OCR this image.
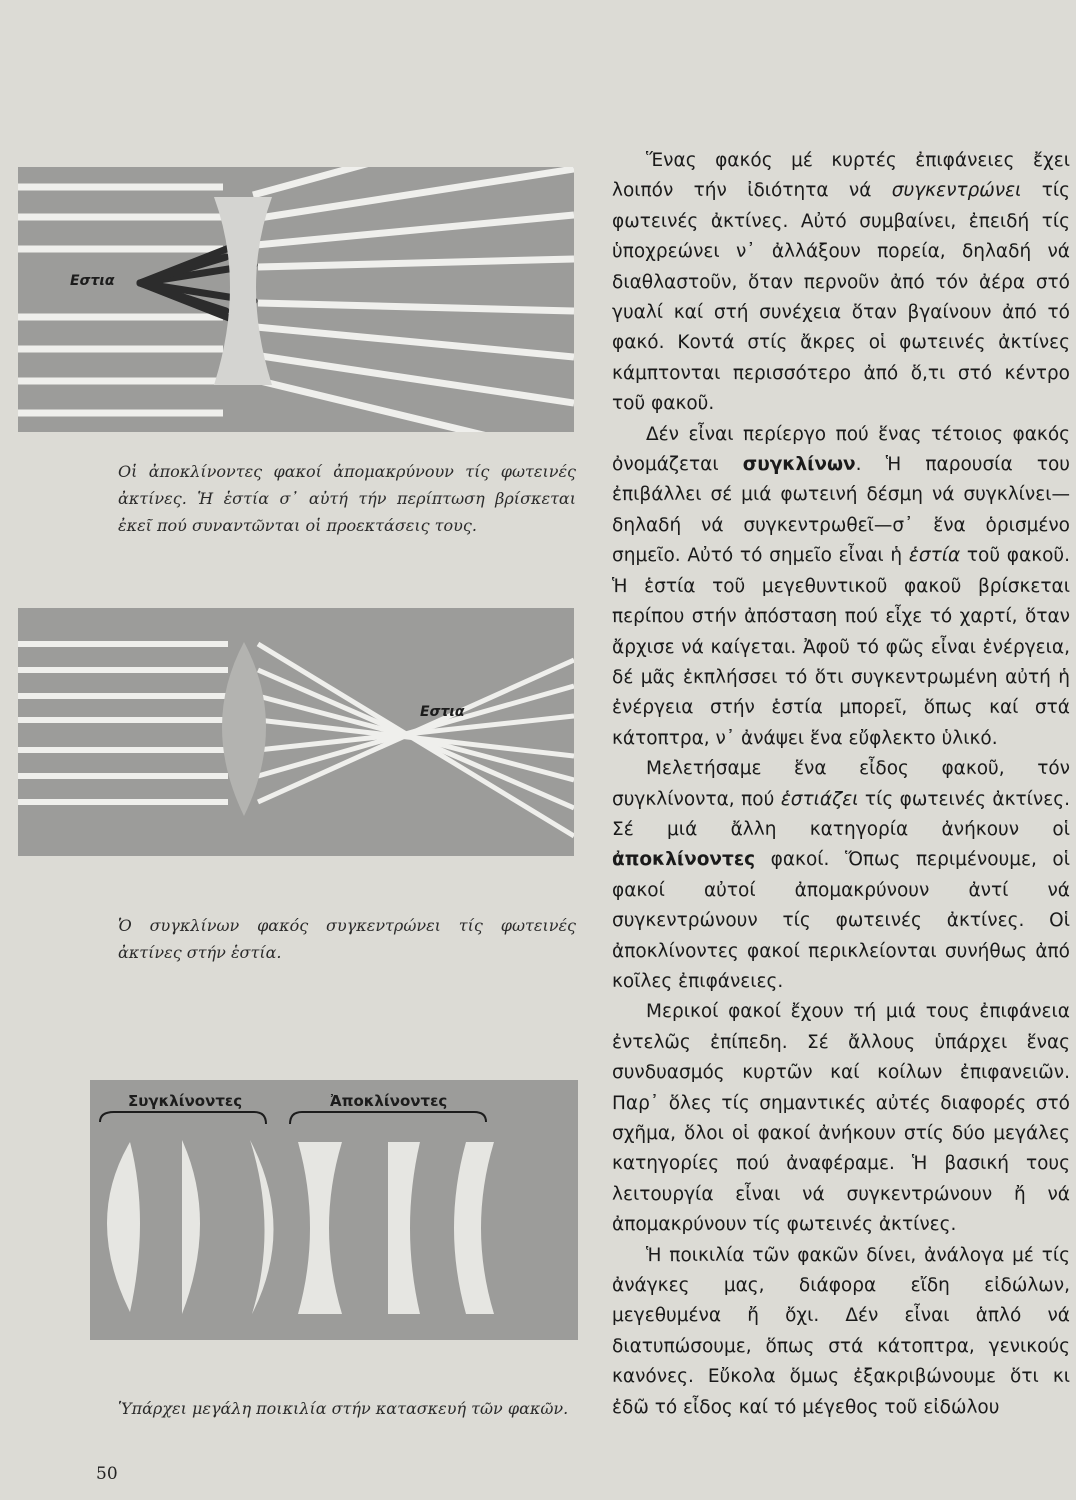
Εστια
Οἱ ἀποκλίνοντες φακοί ἀπομακρύνουν τίς φωτεινές ἀκτίνες. Ἡ ἑστία σ᾽ αὐτή τήν περίπτωση βρίσκεται ἐκεῖ πού συναντῶνται οἱ προεκτάσεις τους.
Εστια
Ὁ συγκλίνων φακός συγκεντρώνει τίς φωτεινές ἀκτίνες στήν ἑστία.
Συγκλίνοντες	Ἀποκλίνοντες
Ὑπάρχει μεγάλη ποικιλία στήν κατασκευή τῶν φακῶν.

Ἕνας φακός μέ κυρτές ἐπιφάνειες ἔχει λοιπόν τήν ἰδιότητα νά συγκεντρώνει τίς φωτεινές ἀκτίνες. Αὐτό συμβαίνει, ἐπειδή τίς ὑποχρεώνει ν᾽ ἀλλάξουν πορεία, δηλαδή νά διαθλαστοῦν, ὅταν περνοῦν ἀπό τόν ἀέρα στό γυαλί καί στή συνέχεια ὅταν βγαίνουν ἀπό τό φακό. Κοντά στίς ἄκρες οἱ φωτεινές ἀκτίνες κάμπτονται περισσότερο ἀπό ὅ,τι στό κέντρο τοῦ φακοῦ.

Δέν εἶναι περίεργο πού ἕνας τέτοιος φακός ὀνομάζεται συγκλίνων. Ἡ παρουσία του ἐπιβάλλει σέ μιά φωτεινή δέσμη νά συγκλίνει—δηλαδή νά συγκεντρωθεῖ—σ᾽ ἕνα ὁρισμένο σημεῖο. Αὐτό τό σημεῖο εἶναι ἡ ἑστία τοῦ φακοῦ. Ἡ ἑστία τοῦ μεγεθυντικοῦ φακοῦ βρίσκεται περίπου στήν ἀπόσταση πού εἶχε τό χαρτί, ὅταν ἄρχισε νά καίγεται. Ἀφοῦ τό φῶς εἶναι ἐνέργεια, δέ μᾶς ἐκπλήσσει τό ὅτι συγκεντρωμένη αὐτή ἡ ἐνέργεια στήν ἑστία μπορεῖ, ὅπως καί στά κάτοπτρα, ν᾽ ἀνάψει ἕνα εὔφλεκτο ὑλικό.

Μελετήσαμε ἕνα εἶδος φακοῦ, τόν συγκλίνοντα, πού ἑστιάζει τίς φωτεινές ἀκτίνες. Σέ μιά ἄλλη κατηγορία ἀνήκουν οἱ ἀποκλίνοντες φακοί. Ὅπως περιμένουμε, οἱ φακοί αὐτοί ἀπομακρύνουν ἀντί νά συγκεντρώνουν τίς φωτεινές ἀκτίνες. Οἱ ἀποκλίνοντες φακοί περικλείονται συνήθως ἀπό κοῖλες ἐπιφάνειες.

Μερικοί φακοί ἔχουν τή μιά τους ἐπιφάνεια ἐντελῶς ἐπίπεδη. Σέ ἄλλους ὑπάρχει ἕνας συνδυασμός κυρτῶν καί κοίλων ἐπιφανειῶν. Παρ᾽ ὅλες τίς σημαντικές αὐτές διαφορές στό σχῆμα, ὅλοι οἱ φακοί ἀνήκουν στίς δύο μεγάλες κατηγορίες πού ἀναφέραμε. Ἡ βασική τους λειτουργία εἶναι νά συγκεντρώνουν ἤ νά ἀπομακρύνουν τίς φωτεινές ἀκτίνες.

Ἡ ποικιλία τῶν φακῶν δίνει, ἀνάλογα μέ τίς ἀνάγκες μας, διάφορα εἴδη εἰδώλων, μεγεθυμένα ἤ ὄχι. Δέν εἶναι ἁπλό νά διατυπώσουμε, ὅπως στά κάτοπτρα, γενικούς κανόνες. Εὔκολα ὅμως ἐξακριβώνουμε ὅτι κι ἐδῶ τό εἶδος καί τό μέγεθος τοῦ εἰδώλου

50
